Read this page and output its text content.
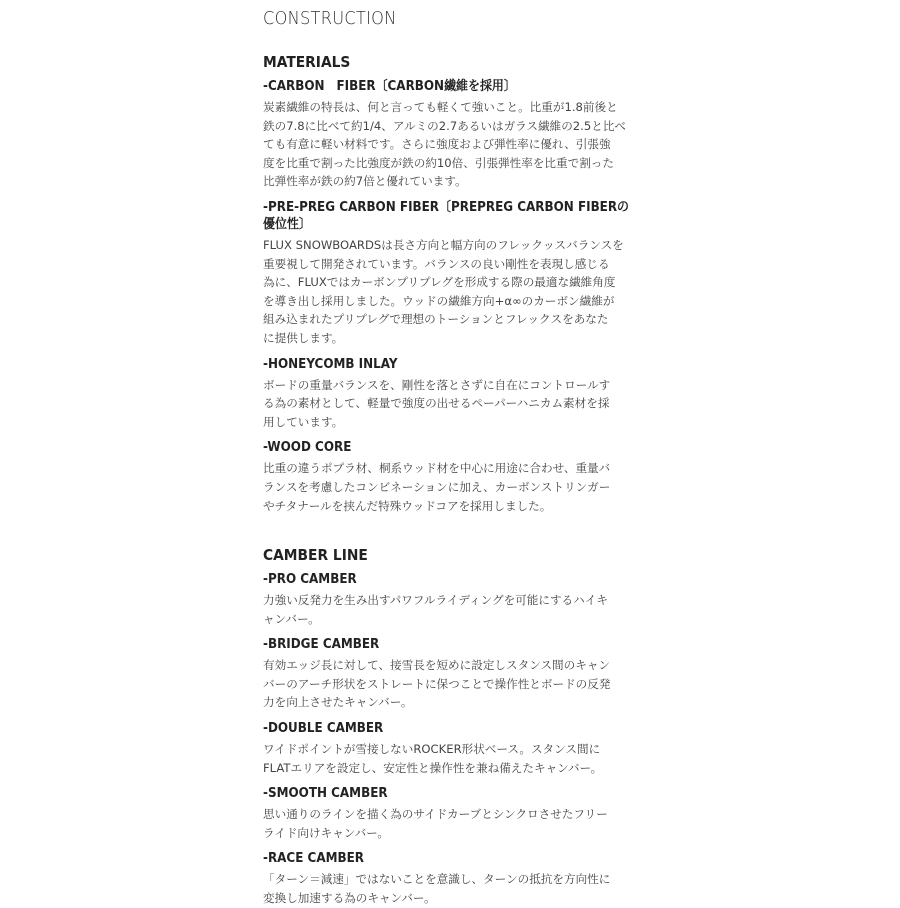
CONSTRUCTION
MATERIALS
-CARBON　FIBER〔CARBON繊維を採用〕
炭素繊維の特長は、何と言っても軽くて強いこと。比重が1.8前後と
鉄の7.8に比べて約1/4、アルミの2.7あるいはガラス繊維の2.5と比べ
ても有意に軽い材料です。さらに強度および弾性率に優れ、引張強
度を比重で割った比強度が鉄の約10倍、引張弾性率を比重で割った
比弾性率が鉄の約7倍と優れています。
-PRE-PREG CARBON FIBER〔PREPREG CARBON FIBERの
優位性〕
FLUX SNOWBOARDSは長さ方向と幅方向のフレックッスバランスを
重要視して開発されています。バランスの良い剛性を表現し感じる
為に、FLUXではカーボンプリプレグを形成する際の最適な繊維角度
を導き出し採用しました。ウッドの繊維方向+α∞のカーボン繊維が
組み込まれたプリプレグで理想のトーションとフレックスをあなた
に提供します。
-HONEYCOMB INLAY
ボードの重量バランスを、剛性を落とさずに自在にコントロールす
る為の素材として、軽量で強度の出せるペーパーハニカム素材を採
用しています。
-WOOD CORE
比重の違うポプラ材、桐系ウッド材を中心に用途に合わせ、重量バ
ランスを考慮したコンビネーションに加え、カーボンストリンガー
やチタナールを挟んだ特殊ウッドコアを採用しました。
CAMBER LINE
-PRO CAMBER
力強い反発力を生み出すパワフルライディングを可能にするハイキ
ャンバー。
-BRIDGE CAMBER
有効エッジ長に対して、接雪長を短めに設定しスタンス間のキャン
バーのアーチ形状をストレートに保つことで操作性とボードの反発
力を向上させたキャンバー。
-DOUBLE CAMBER
ワイドポイントが雪接しないROCKER形状ベース。スタンス間に
FLATエリアを設定し、安定性と操作性を兼ね備えたキャンバー。
-SMOOTH CAMBER
思い通りのラインを描く為のサイドカーブとシンクロさせたフリー
ライド向けキャンバー。
-RACE CAMBER
「ターン＝減速」ではないことを意識し、ターンの抵抗を方向性に
変換し加速する為のキャンバー。
